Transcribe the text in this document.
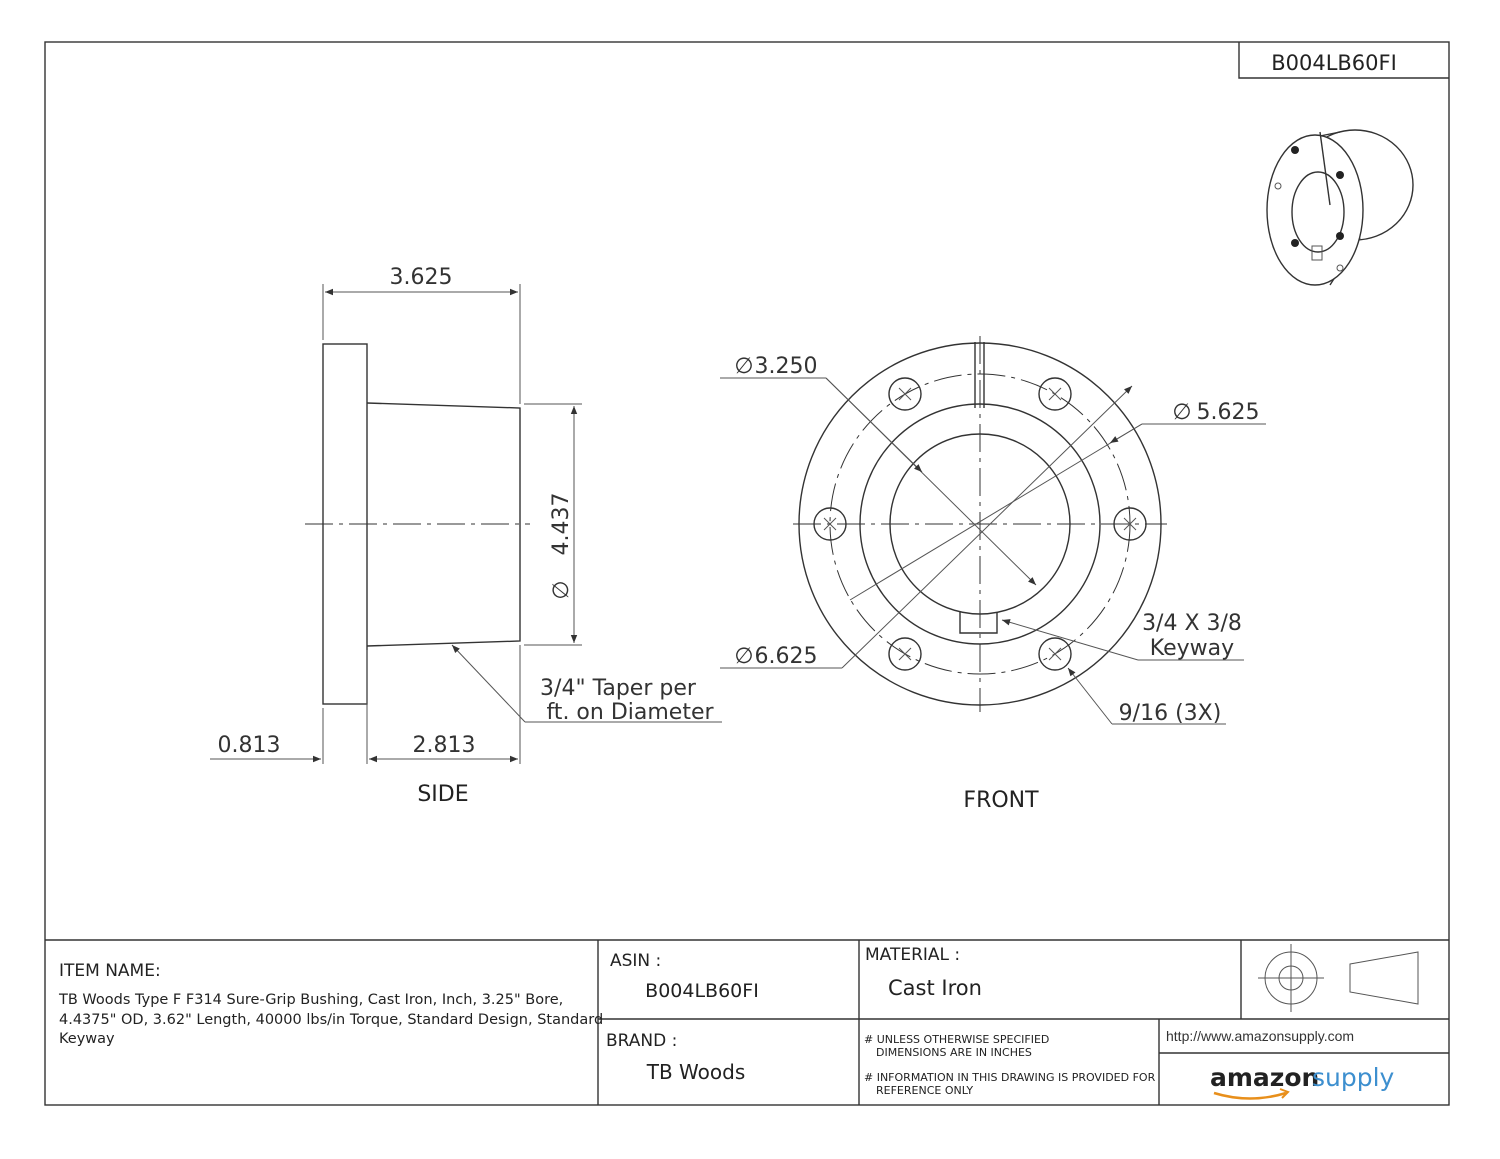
B004LB60FI
3.625
4.437
∅
0.813	2.813
3/4" Taper per
ft. on Diameter
SIDE
∅ 3.250
∅ 5.625
∅ 6.625
3/4 X 3/8
Keyway
9/16 (3X)
FRONT
ITEM NAME:
TB Woods Type F F314 Sure-Grip Bushing, Cast Iron, Inch, 3.25" Bore,
4.4375" OD, 3.62" Length, 40000 lbs/in Torque, Standard Design, Standard
Keyway
ASIN :
B004LB60FI
MATERIAL :
Cast Iron
BRAND :
TB Woods
# UNLESS OTHERWISE SPECIFIED
DIMENSIONS ARE IN INCHES
# INFORMATION IN THIS DRAWING IS PROVIDED FOR
REFERENCE ONLY
http://www.amazonsupply.com
amazon
supply
